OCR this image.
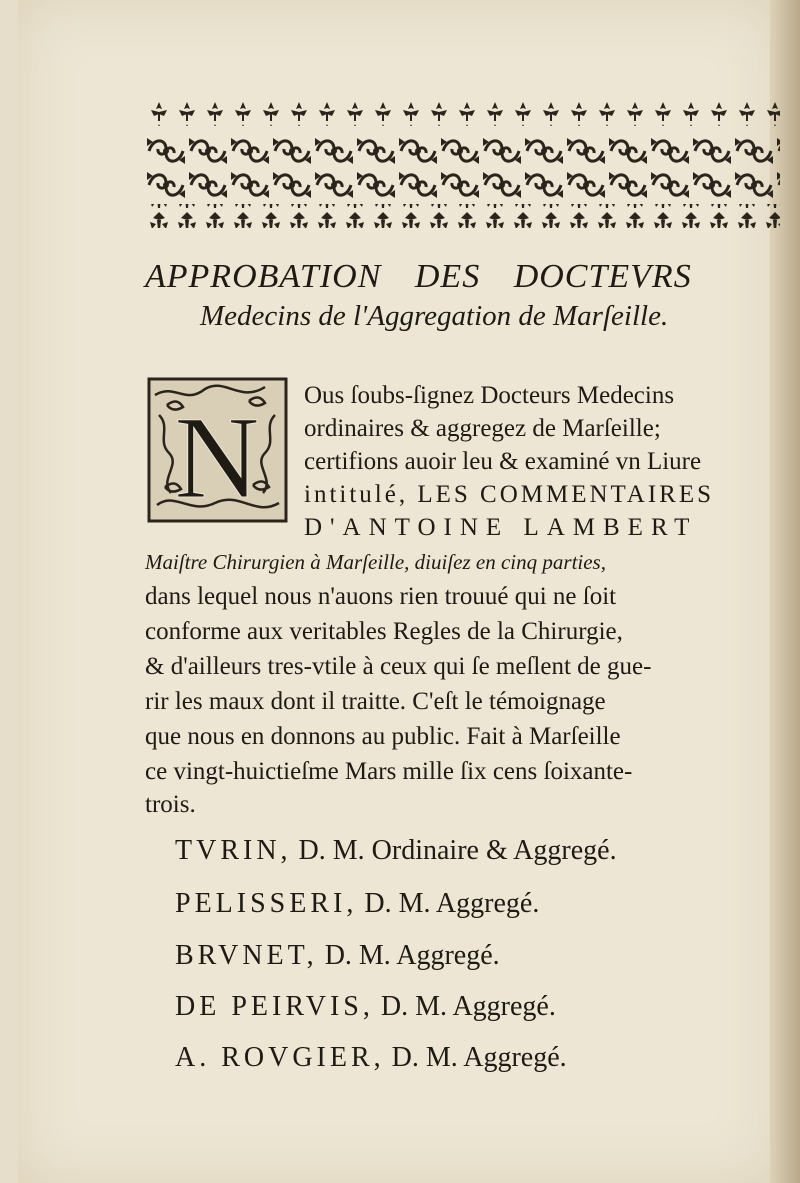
APPROBATION DES DOCTEVRS
Medecins de l'Aggregation de Marſeille.
N Ous ſoubs-ſignez Docteurs Medecins
ordinaires & aggregez de Marſeille;
certifions auoir leu & examiné vn Liure
intitulé, LES COMMENTAIRES
D'ANTOINE LAMBERT
Maiſtre Chirurgien à Marſeille, diuiſez en cinq parties,
dans lequel nous n'auons rien trouué qui ne ſoit
conforme aux veritables Regles de la Chirurgie,
& d'ailleurs tres-vtile à ceux qui ſe meſlent de gue-
rir les maux dont il traitte. C'eſt le témoignage
que nous en donnons au public. Fait à Marſeille
ce vingt-huictieſme Mars mille ſix cens ſoixante-
trois.
TVRIN, D. M. Ordinaire & Aggregé.
PELISSERI, D. M. Aggregé.
BRVNET, D. M. Aggregé.
DE PEIRVIS, D. M. Aggregé.
A. ROVGIER, D. M. Aggregé.
